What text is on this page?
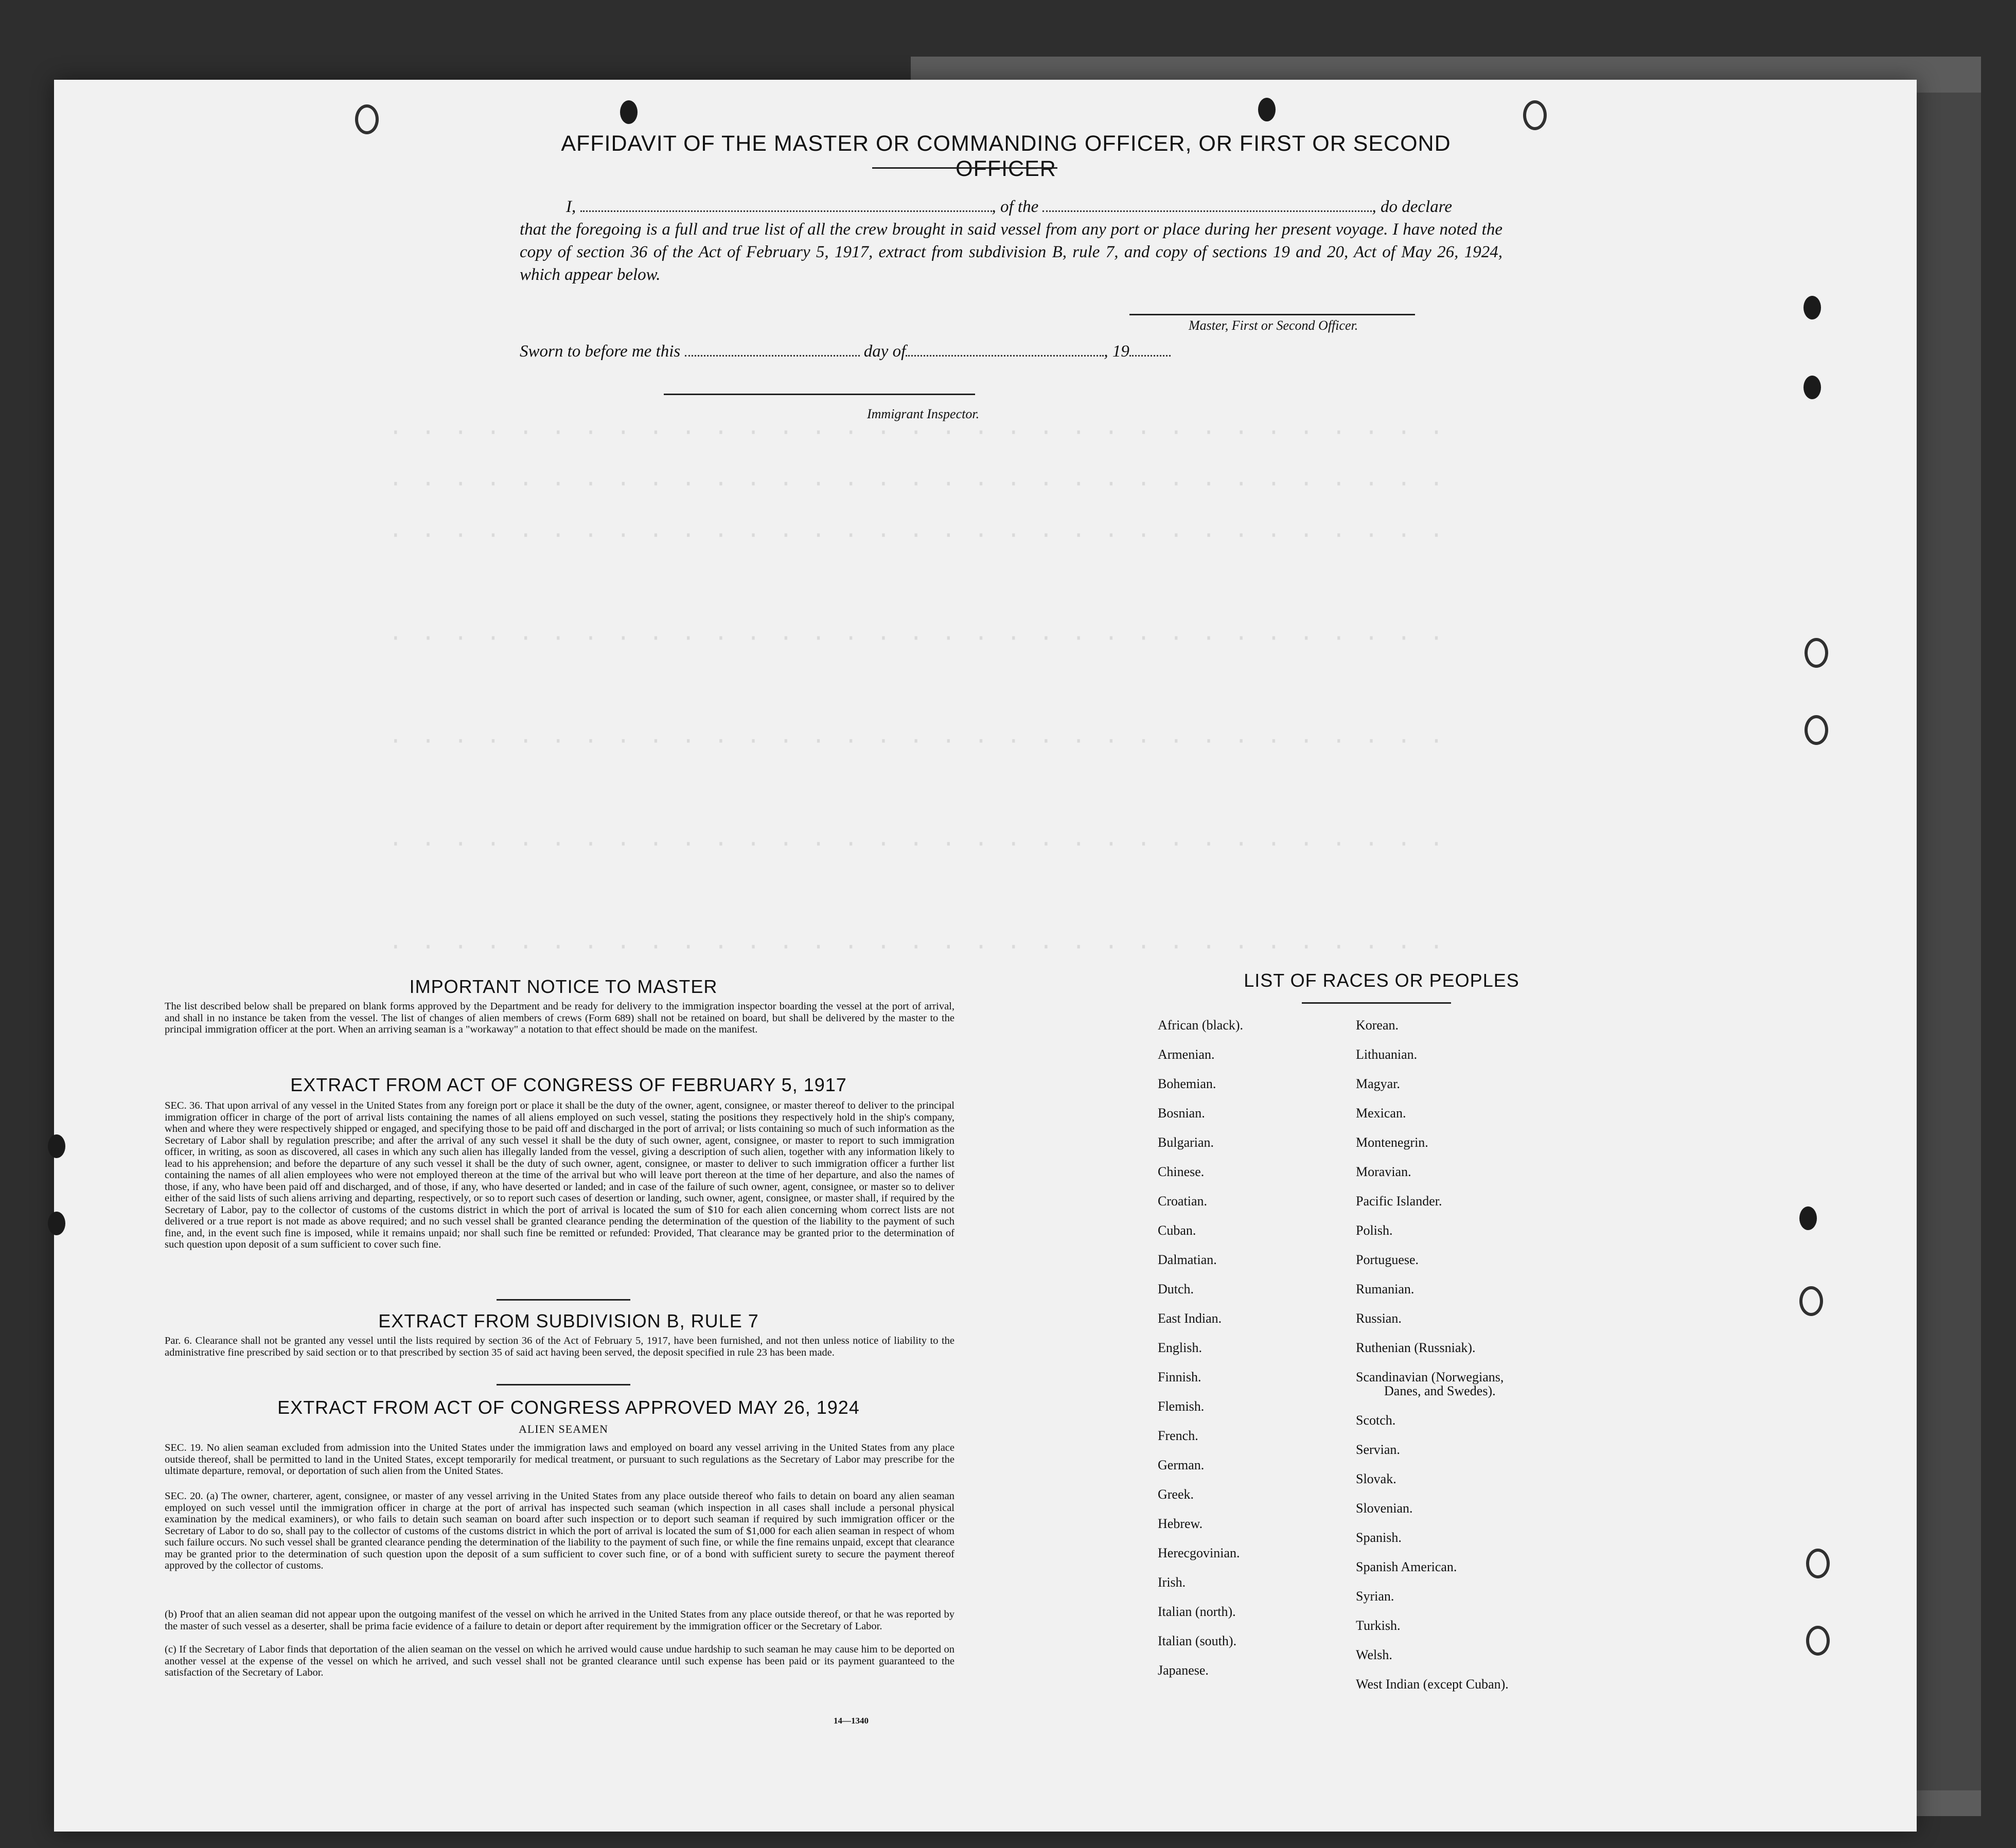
· · · · · · · · · · · · · · · · · · · · · · · · · · · · · · · · ·
· · · · · · · · · · · · · · · · · · · · · · · · · · · · · · · · ·
· · · · · · · · · · · · · · · · · · · · · · · · · · · · · · · · ·
· · · · · · · · · · · · · · · · · · · · · · · · · · · · · · · · ·
· · · · · · · · · · · · · · · · · · · · · · · · · · · · · · · · ·
· · · · · · · · · · · · · · · · · · · · · · · · · · · · · · · · ·
· · · · · · · · · · · · · · · · · · · · · · · · · · · · · · · · ·
AFFIDAVIT OF THE MASTER OR COMMANDING OFFICER, OR FIRST OR SECOND OFFICER
I,	, of the	, do declare
that the foregoing is a full and true list of all the crew brought in said vessel from any port or place during her present voyage. I have noted the copy of section 36 of the Act of February 5, 1917, extract from subdivision B, rule 7, and copy of sections 19 and 20, Act of May 26, 1924, which appear below.
Master, First or Second Officer.
Sworn to before me this	day of	, 19
Immigrant Inspector.
IMPORTANT NOTICE TO MASTER
The list described below shall be prepared on blank forms approved by the Department and be ready for delivery to the immigration inspector boarding the vessel at the port of arrival, and shall in no instance be taken from the vessel. The list of changes of alien members of crews (Form 689) shall not be retained on board, but shall be delivered by the master to the principal immigration officer at the port. When an arriving seaman is a "workaway" a notation to that effect should be made on the manifest.
EXTRACT FROM ACT OF CONGRESS OF FEBRUARY 5, 1917
SEC. 36. That upon arrival of any vessel in the United States from any foreign port or place it shall be the duty of the owner, agent, consignee, or master thereof to deliver to the principal immigration officer in charge of the port of arrival lists containing the names of all aliens employed on such vessel, stating the positions they respectively hold in the ship's company, when and where they were respectively shipped or engaged, and specifying those to be paid off and discharged in the port of arrival; or lists containing so much of such information as the Secretary of Labor shall by regulation prescribe; and after the arrival of any such vessel it shall be the duty of such owner, agent, consignee, or master to report to such immigration officer, in writing, as soon as discovered, all cases in which any such alien has illegally landed from the vessel, giving a description of such alien, together with any information likely to lead to his apprehension; and before the departure of any such vessel it shall be the duty of such owner, agent, consignee, or master to deliver to such immigration officer a further list containing the names of all alien employees who were not employed thereon at the time of the arrival but who will leave port thereon at the time of her departure, and also the names of those, if any, who have been paid off and discharged, and of those, if any, who have deserted or landed; and in case of the failure of such owner, agent, consignee, or master so to deliver either of the said lists of such aliens arriving and departing, respectively, or so to report such cases of desertion or landing, such owner, agent, consignee, or master shall, if required by the Secretary of Labor, pay to the collector of customs of the customs district in which the port of arrival is located the sum of $10 for each alien concerning whom correct lists are not delivered or a true report is not made as above required; and no such vessel shall be granted clearance pending the determination of the question of the liability to the payment of such fine, and, in the event such fine is imposed, while it remains unpaid; nor shall such fine be remitted or refunded: Provided, That clearance may be granted prior to the determination of such question upon deposit of a sum sufficient to cover such fine.
EXTRACT FROM SUBDIVISION B, RULE 7
Par. 6. Clearance shall not be granted any vessel until the lists required by section 36 of the Act of February 5, 1917, have been furnished, and not then unless notice of liability to the administrative fine prescribed by said section or to that prescribed by section 35 of said act having been served, the deposit specified in rule 23 has been made.
EXTRACT FROM ACT OF CONGRESS APPROVED MAY 26, 1924
ALIEN SEAMEN
SEC. 19. No alien seaman excluded from admission into the United States under the immigration laws and employed on board any vessel arriving in the United States from any place outside thereof, shall be permitted to land in the United States, except temporarily for medical treatment, or pursuant to such regulations as the Secretary of Labor may prescribe for the ultimate departure, removal, or deportation of such alien from the United States.
SEC. 20. (a) The owner, charterer, agent, consignee, or master of any vessel arriving in the United States from any place outside thereof who fails to detain on board any alien seaman employed on such vessel until the immigration officer in charge at the port of arrival has inspected such seaman (which inspection in all cases shall include a personal physical examination by the medical examiners), or who fails to detain such seaman on board after such inspection or to deport such seaman if required by such immigration officer or the Secretary of Labor to do so, shall pay to the collector of customs of the customs district in which the port of arrival is located the sum of $1,000 for each alien seaman in respect of whom such failure occurs. No such vessel shall be granted clearance pending the determination of the liability to the payment of such fine, or while the fine remains unpaid, except that clearance may be granted prior to the determination of such question upon the deposit of a sum sufficient to cover such fine, or of a bond with sufficient surety to secure the payment thereof approved by the collector of customs.
(b) Proof that an alien seaman did not appear upon the outgoing manifest of the vessel on which he arrived in the United States from any place outside thereof, or that he was reported by the master of such vessel as a deserter, shall be prima facie evidence of a failure to detain or deport after requirement by the immigration officer or the Secretary of Labor.
(c) If the Secretary of Labor finds that deportation of the alien seaman on the vessel on which he arrived would cause undue hardship to such seaman he may cause him to be deported on another vessel at the expense of the vessel on which he arrived, and such vessel shall not be granted clearance until such expense has been paid or its payment guaranteed to the satisfaction of the Secretary of Labor.
14—1340
LIST OF RACES OR PEOPLES
African (black).
Armenian.
Bohemian.
Bosnian.
Bulgarian.
Chinese.
Croatian.
Cuban.
Dalmatian.
Dutch.
East Indian.
English.
Finnish.
Flemish.
French.
German.
Greek.
Hebrew.
Herecgovinian.
Irish.
Italian (north).
Italian (south).
Japanese.
Korean.
Lithuanian.
Magyar.
Mexican.
Montenegrin.
Moravian.
Pacific Islander.
Polish.
Portuguese.
Rumanian.
Russian.
Ruthenian (Russniak).
Scandinavian (Norwegians,
Danes, and Swedes).
Scotch.
Servian.
Slovak.
Slovenian.
Spanish.
Spanish American.
Syrian.
Turkish.
Welsh.
West Indian (except Cuban).
